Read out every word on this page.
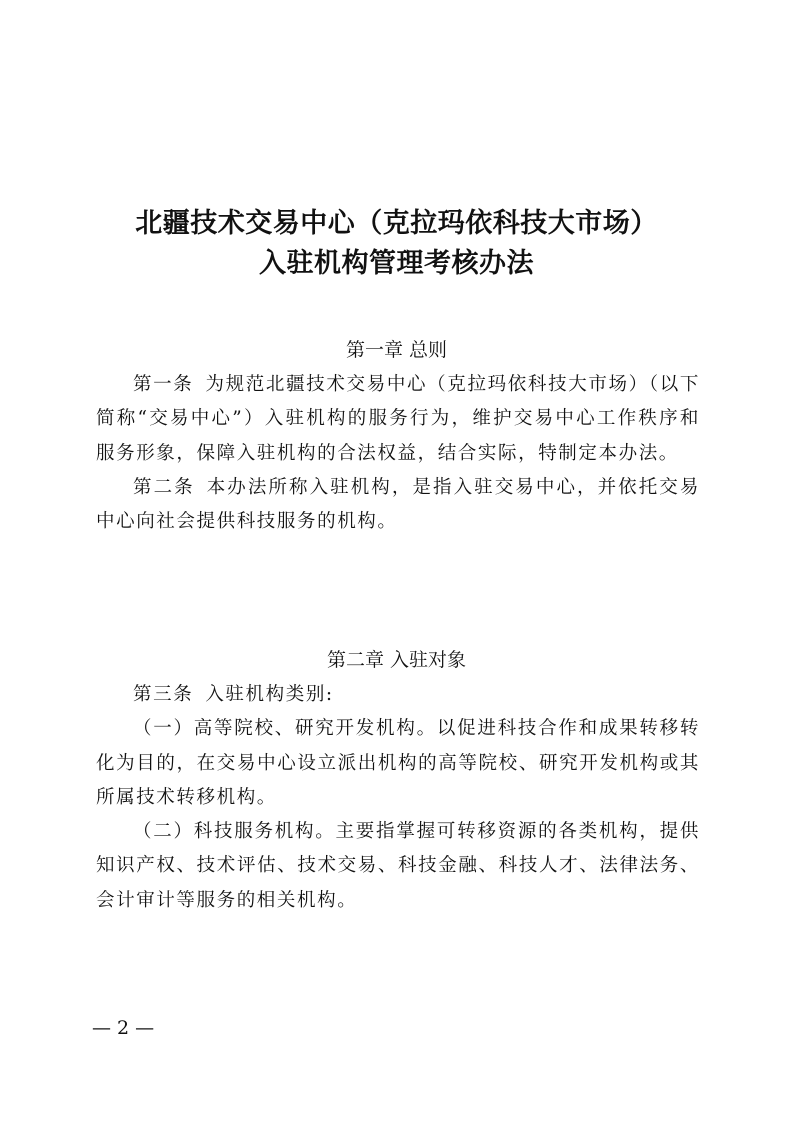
北疆技术交易中心（克拉玛依科技大市场）
入驻机构管理考核办法
第一章 总则

第一条 为规范北疆技术交易中心（克拉玛依科技大市场）（以下简称“交易中心”）入驻机构的服务行为，维护交易中心工作秩序和服务形象，保障入驻机构的合法权益，结合实际，特制定本办法。

第二条 本办法所称入驻机构，是指入驻交易中心，并依托交易中心向社会提供科技服务的机构。

第二章 入驻对象

第三条 入驻机构类别:

（一）高等院校、研究开发机构。以促进科技合作和成果转移转化为目的，在交易中心设立派出机构的高等院校、研究开发机构或其所属技术转移机构。

（二）科技服务机构。主要指掌握可转移资源的各类机构，提供知识产权、技术评估、技术交易、科技金融、科技人才、法律法务、会计审计等服务的相关机构。

— 2 —
